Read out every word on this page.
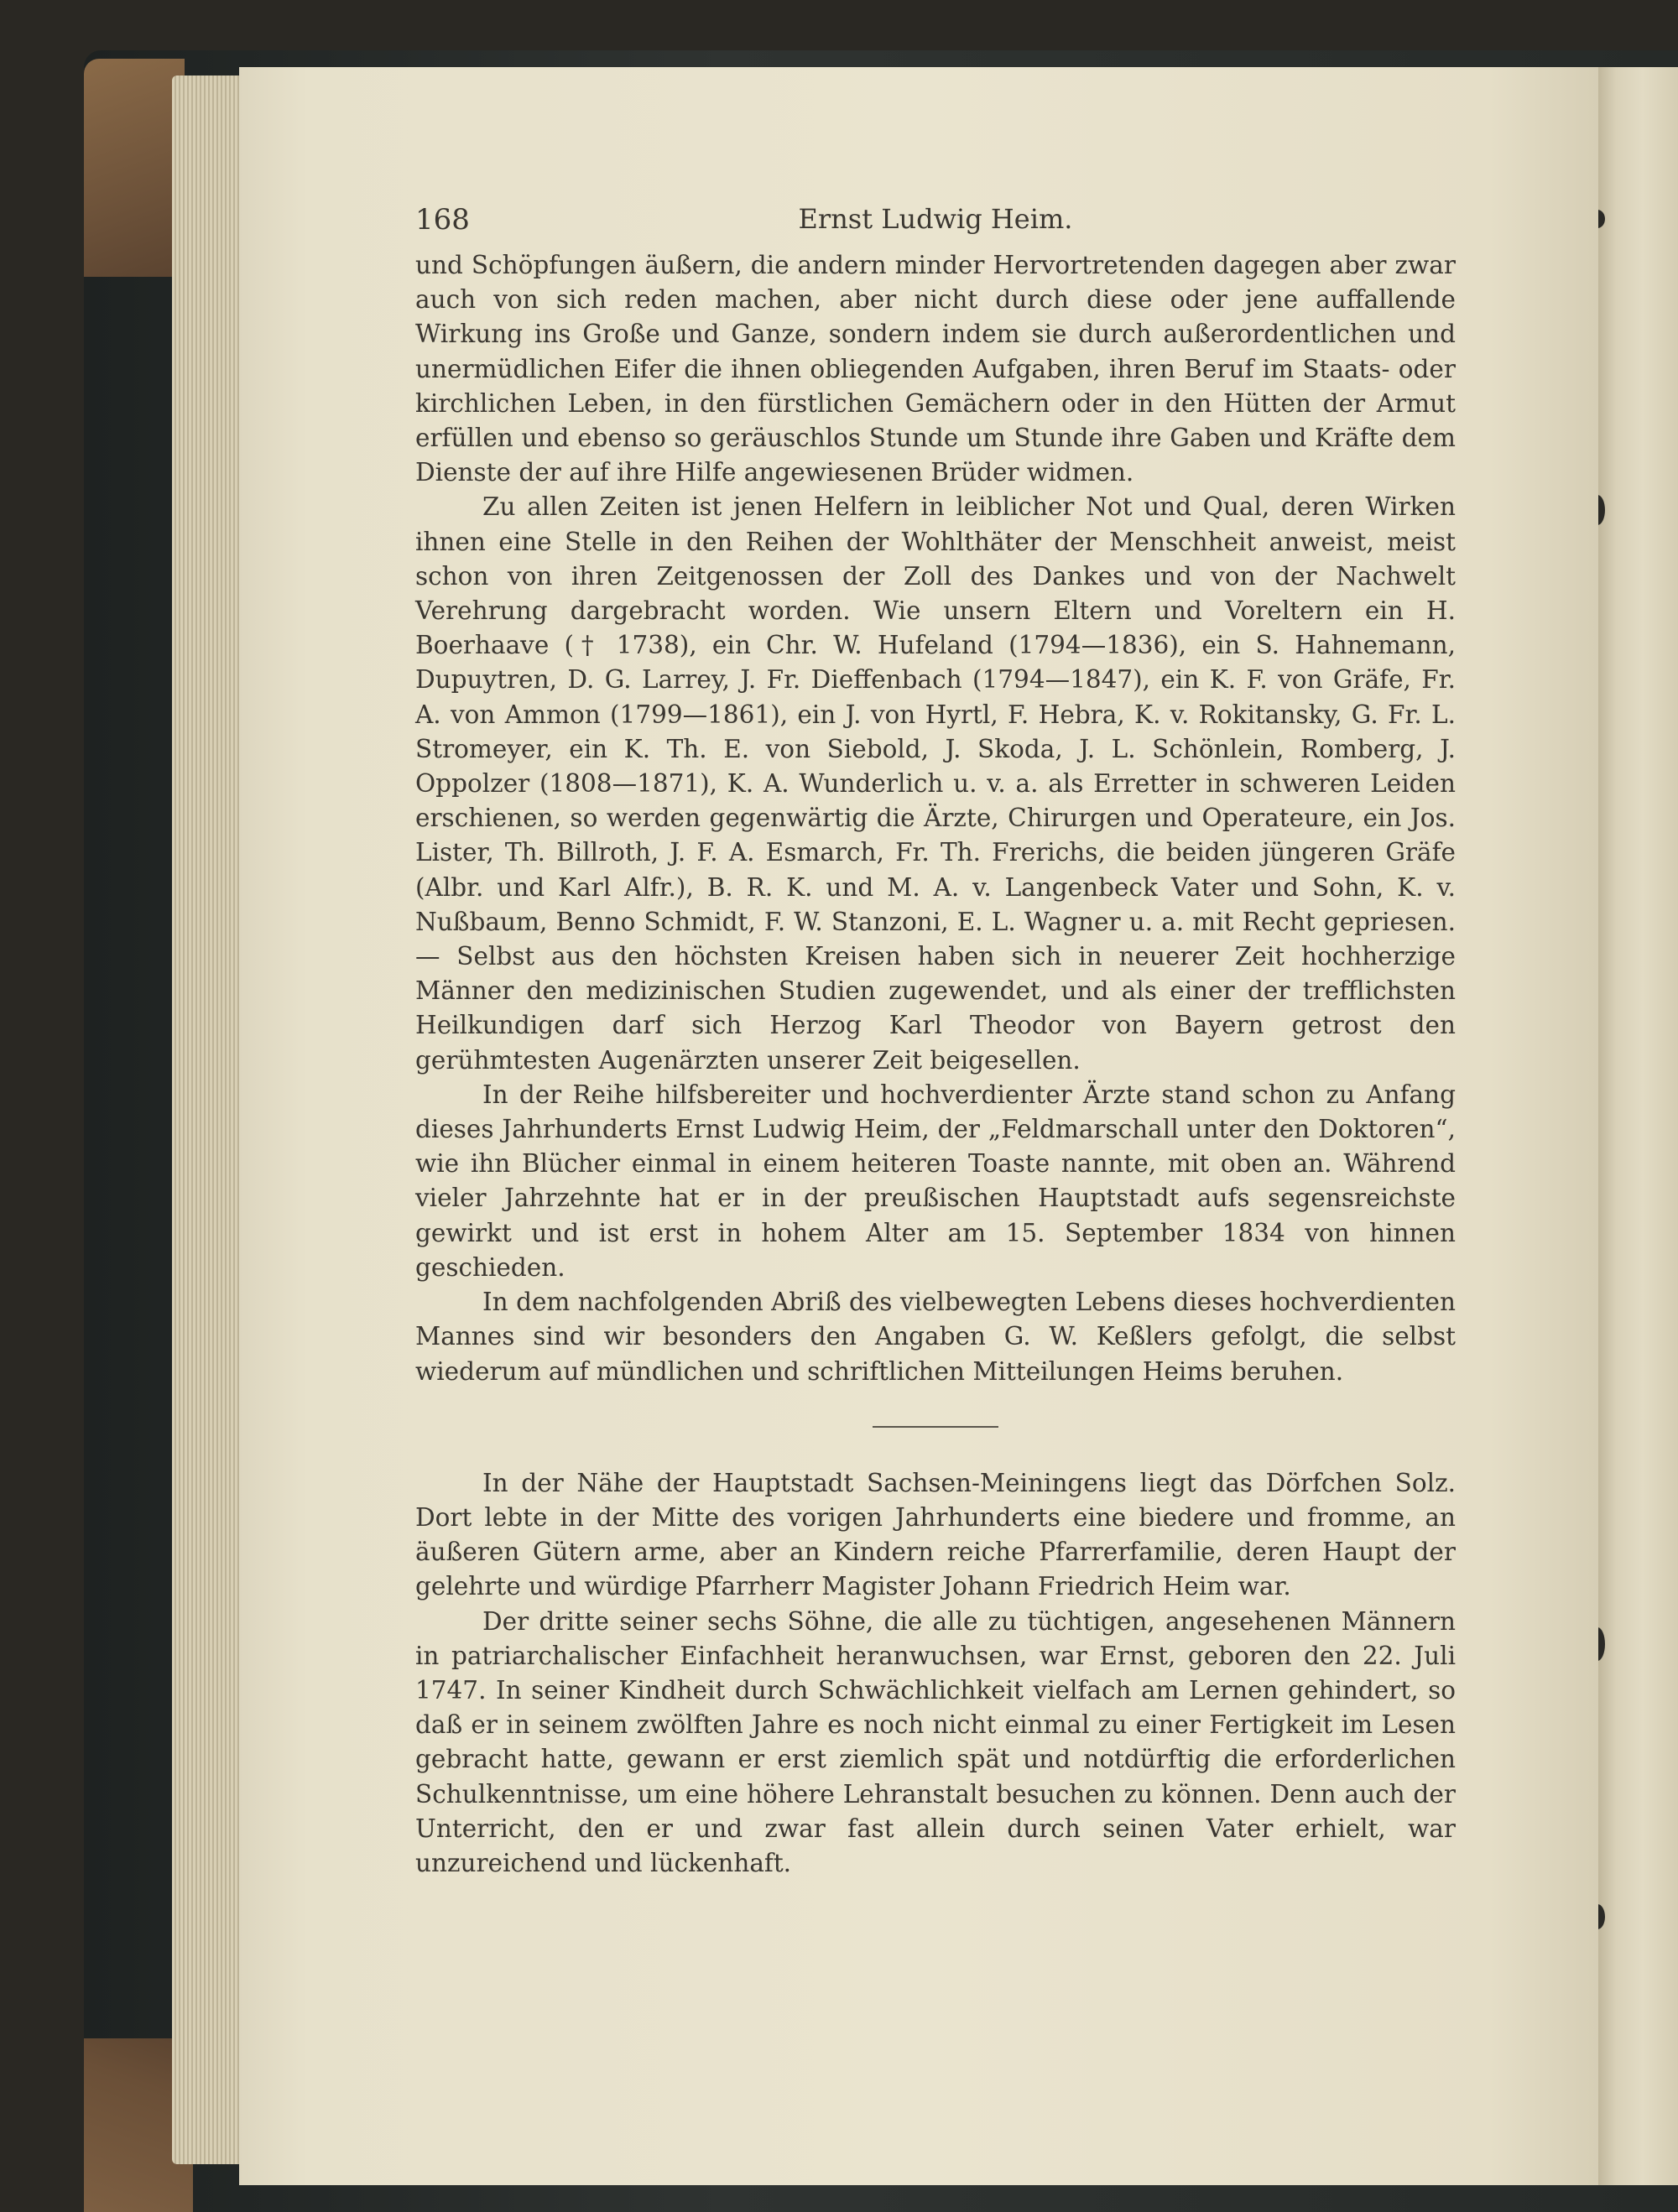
168	Ernst Ludwig Heim.

und Schöpfungen äußern, die andern minder Hervortretenden dagegen aber zwar auch von sich reden machen, aber nicht durch diese oder jene auffallende Wirkung ins Große und Ganze, sondern indem sie durch außerordentlichen und unermüdlichen Eifer die ihnen obliegenden Aufgaben, ihren Beruf im Staats- oder kirchlichen Leben, in den fürstlichen Gemächern oder in den Hütten der Armut erfüllen und ebenso so geräuschlos Stunde um Stunde ihre Gaben und Kräfte dem Dienste der auf ihre Hilfe angewiesenen Brüder widmen.

Zu allen Zeiten ist jenen Helfern in leiblicher Not und Qual, deren Wirken ihnen eine Stelle in den Reihen der Wohlthäter der Menschheit anweist, meist schon von ihren Zeitgenossen der Zoll des Dankes und von der Nachwelt Verehrung dargebracht worden. Wie unsern Eltern und Voreltern ein H. Boerhaave († 1738), ein Chr. W. Hufeland (1794—1836), ein S. Hahnemann, Dupuytren, D. G. Larrey, J. Fr. Dieffenbach (1794—1847), ein K. F. von Gräfe, Fr. A. von Ammon (1799—1861), ein J. von Hyrtl, F. Hebra, K. v. Rokitansky, G. Fr. L. Stromeyer, ein K. Th. E. von Siebold, J. Skoda, J. L. Schönlein, Romberg, J. Oppolzer (1808—1871), K. A. Wunderlich u. v. a. als Erretter in schweren Leiden erschienen, so werden gegenwärtig die Ärzte, Chirurgen und Operateure, ein Jos. Lister, Th. Billroth, J. F. A. Esmarch, Fr. Th. Frerichs, die beiden jüngeren Gräfe (Albr. und Karl Alfr.), B. R. K. und M. A. v. Langenbeck Vater und Sohn, K. v. Nußbaum, Benno Schmidt, F. W. Stanzoni, E. L. Wagner u. a. mit Recht gepriesen. — Selbst aus den höchsten Kreisen haben sich in neuerer Zeit hochherzige Männer den medizinischen Studien zugewendet, und als einer der trefflichsten Heilkundigen darf sich Herzog Karl Theodor von Bayern getrost den gerühmtesten Augenärzten unserer Zeit beigesellen.

In der Reihe hilfsbereiter und hochverdienter Ärzte stand schon zu Anfang dieses Jahrhunderts Ernst Ludwig Heim, der „Feldmarschall unter den Doktoren“, wie ihn Blücher einmal in einem heiteren Toaste nannte, mit oben an. Während vieler Jahrzehnte hat er in der preußischen Hauptstadt aufs segensreichste gewirkt und ist erst in hohem Alter am 15. September 1834 von hinnen geschieden.

In dem nachfolgenden Abriß des vielbewegten Lebens dieses hochverdienten Mannes sind wir besonders den Angaben G. W. Keßlers gefolgt, die selbst wiederum auf mündlichen und schriftlichen Mitteilungen Heims beruhen.

In der Nähe der Hauptstadt Sachsen-Meiningens liegt das Dörfchen Solz. Dort lebte in der Mitte des vorigen Jahrhunderts eine biedere und fromme, an äußeren Gütern arme, aber an Kindern reiche Pfarrerfamilie, deren Haupt der gelehrte und würdige Pfarrherr Magister Johann Friedrich Heim war.

Der dritte seiner sechs Söhne, die alle zu tüchtigen, angesehenen Männern in patriarchalischer Einfachheit heranwuchsen, war Ernst, geboren den 22. Juli 1747. In seiner Kindheit durch Schwächlichkeit vielfach am Lernen gehindert, so daß er in seinem zwölften Jahre es noch nicht einmal zu einer Fertigkeit im Lesen gebracht hatte, gewann er erst ziemlich spät und notdürftig die erforderlichen Schulkenntnisse, um eine höhere Lehranstalt besuchen zu können. Denn auch der Unterricht, den er und zwar fast allein durch seinen Vater erhielt, war unzureichend und lückenhaft.
